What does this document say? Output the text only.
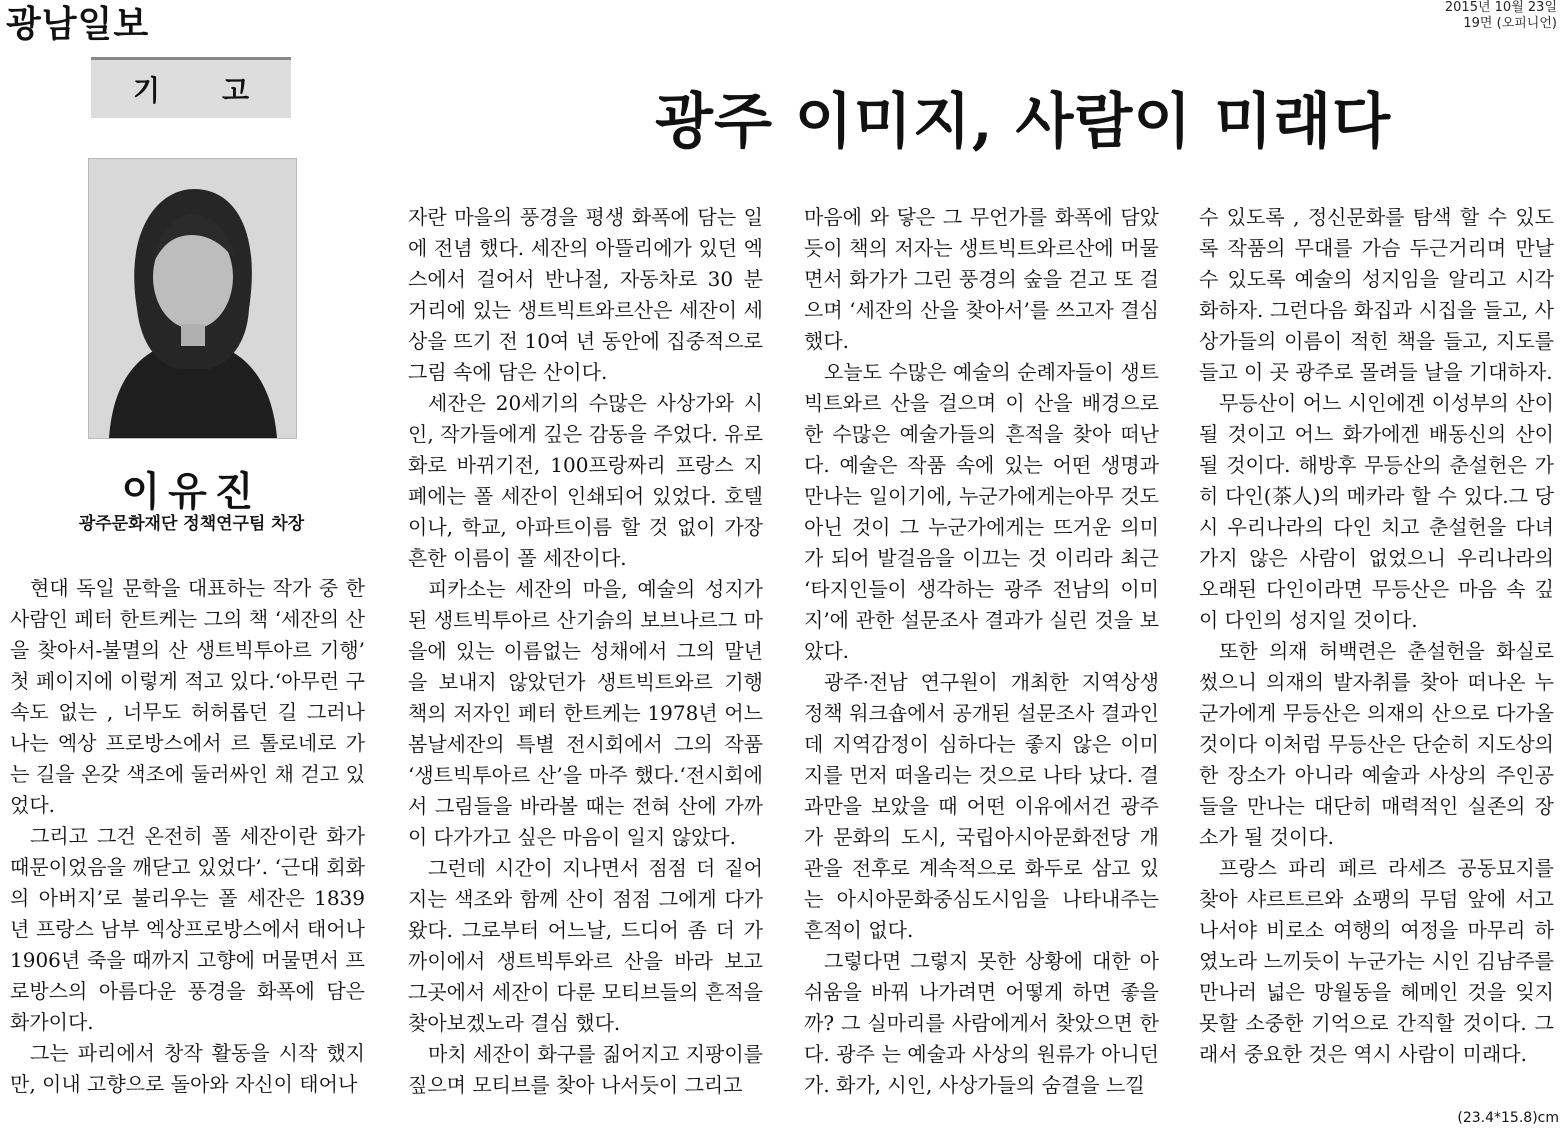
광남일보	2015년 10월 23일
19면 (오피니언)
기고	광주 이미지, 사람이 미래다
이유진
광주문화재단 정책연구팀 차장

현대 독일 문학을 대표하는 작가 중 한 사람인 페터 한트케는 그의 책 ‘세잔의 산을 찾아서-불멸의 산 생트빅투아르 기행’ 첫 페이지에 이렇게 적고 있다.‘아무런 구속도 없는 , 너무도 허허롭던 길 그러나 나는 엑상 프로방스에서 르 톨로네로 가는 길을 온갖 색조에 둘러싸인 채 걷고 있었다.

그리고 그건 온전히 폴 세잔이란 화가 때문이었음을 깨닫고 있었다’. ‘근대 회화의 아버지’로 불리우는 폴 세잔은 1839년 프랑스 남부 엑상프로방스에서 태어나 1906년 죽을 때까지 고향에 머물면서 프로방스의 아름다운 풍경을 화폭에 담은 화가이다.

그는 파리에서 창작 활동을 시작 했지만, 이내 고향으로 돌아와 자신이 태어나

자란 마을의 풍경을 평생 화폭에 담는 일에 전념 했다. 세잔의 아뜰리에가 있던 엑스에서 걸어서 반나절, 자동차로 30 분 거리에 있는 생트빅트와르산은 세잔이 세상을 뜨기 전 10여 년 동안에 집중적으로 그림 속에 담은 산이다.

세잔은 20세기의 수많은 사상가와 시인, 작가들에게 깊은 감동을 주었다. 유로화로 바뀌기전, 100프랑짜리 프랑스 지폐에는 폴 세잔이 인쇄되어 있었다. 호텔이나, 학교, 아파트이름 할 것 없이 가장 흔한 이름이 폴 세잔이다.

피카소는 세잔의 마을, 예술의 성지가 된 생트빅투아르 산기슭의 보브나르그 마을에 있는 이름없는 성채에서 그의 말년을 보내지 않았던가 생트빅트와르 기행 책의 저자인 페터 한트케는 1978년 어느 봄날세잔의 특별 전시회에서 그의 작품 ‘생트빅투아르 산’을 마주 했다.‘전시회에서 그림들을 바라볼 때는 전혀 산에 가까이 다가가고 싶은 마음이 일지 않았다.

그런데 시간이 지나면서 점점 더 짙어지는 색조와 함께 산이 점점 그에게 다가왔다. 그로부터 어느날, 드디어 좀 더 가까이에서 생트빅투와르 산을 바라 보고 그곳에서 세잔이 다룬 모티브들의 흔적을 찾아보겠노라 결심 했다.

마치 세잔이 화구를 짊어지고 지팡이를 짚으며 모티브를 찾아 나서듯이 그리고

마음에 와 닿은 그 무언가를 화폭에 담았듯이 책의 저자는 생트빅트와르산에 머물면서 화가가 그린 풍경의 숲을 걷고 또 걸으며 ‘세잔의 산을 찾아서’를 쓰고자 결심했다.

오늘도 수많은 예술의 순례자들이 생트빅트와르 산을 걸으며 이 산을 배경으로 한 수많은 예술가들의 흔적을 찾아 떠난다. 예술은 작품 속에 있는 어떤 생명과 만나는 일이기에, 누군가에게는아무 것도 아닌 것이 그 누군가에게는 뜨거운 의미가 되어 발걸음을 이끄는 것 이리라 최근 ‘타지인들이 생각하는 광주 전남의 이미지’에 관한 설문조사 결과가 실린 것을 보았다.

광주·전남 연구원이 개최한 지역상생 정책 워크숍에서 공개된 설문조사 결과인데 지역감정이 심하다는 좋지 않은 이미지를 먼저 떠올리는 것으로 나타 났다. 결과만을 보았을 때 어떤 이유에서건 광주가 문화의 도시, 국립아시아문화전당 개관을 전후로 계속적으로 화두로 삼고 있는 아시아문화중심도시임을 나타내주는 흔적이 없다.

그렇다면 그렇지 못한 상황에 대한 아쉬움을 바꿔 나가려면 어떻게 하면 좋을까? 그 실마리를 사람에게서 찾았으면 한다. 광주 는 예술과 사상의 원류가 아니던가. 화가, 시인, 사상가들의 숨결을 느낄

수 있도록 , 정신문화를 탐색 할 수 있도록 작품의 무대를 가슴 두근거리며 만날 수 있도록 예술의 성지임을 알리고 시각화하자. 그런다음 화집과 시집을 들고, 사상가들의 이름이 적힌 책을 들고, 지도를 들고 이 곳 광주로 몰려들 날을 기대하자.

무등산이 어느 시인에겐 이성부의 산이 될 것이고 어느 화가에겐 배동신의 산이 될 것이다. 해방후 무등산의 춘설헌은 가히 다인(茶人)의 메카라 할 수 있다.그 당시 우리나라의 다인 치고 춘설헌을 다녀가지 않은 사람이 없었으니 우리나라의 오래된 다인이라면 무등산은 마음 속 깊이 다인의 성지일 것이다.

또한 의재 허백련은 춘설헌을 화실로 썼으니 의재의 발자취를 찾아 떠나온 누군가에게 무등산은 의재의 산으로 다가올 것이다 이처럼 무등산은 단순히 지도상의 한 장소가 아니라 예술과 사상의 주인공들을 만나는 대단히 매력적인 실존의 장소가 될 것이다.

프랑스 파리 페르 라세즈 공동묘지를 찾아 샤르트르와 쇼팽의 무덤 앞에 서고 나서야 비로소 여행의 여정을 마무리 하였노라 느끼듯이 누군가는 시인 김남주를 만나러 넓은 망월동을 헤메인 것을 잊지 못할 소중한 기억으로 간직할 것이다. 그래서 중요한 것은 역시 사람이 미래다.

(23.4*15.8)cm
